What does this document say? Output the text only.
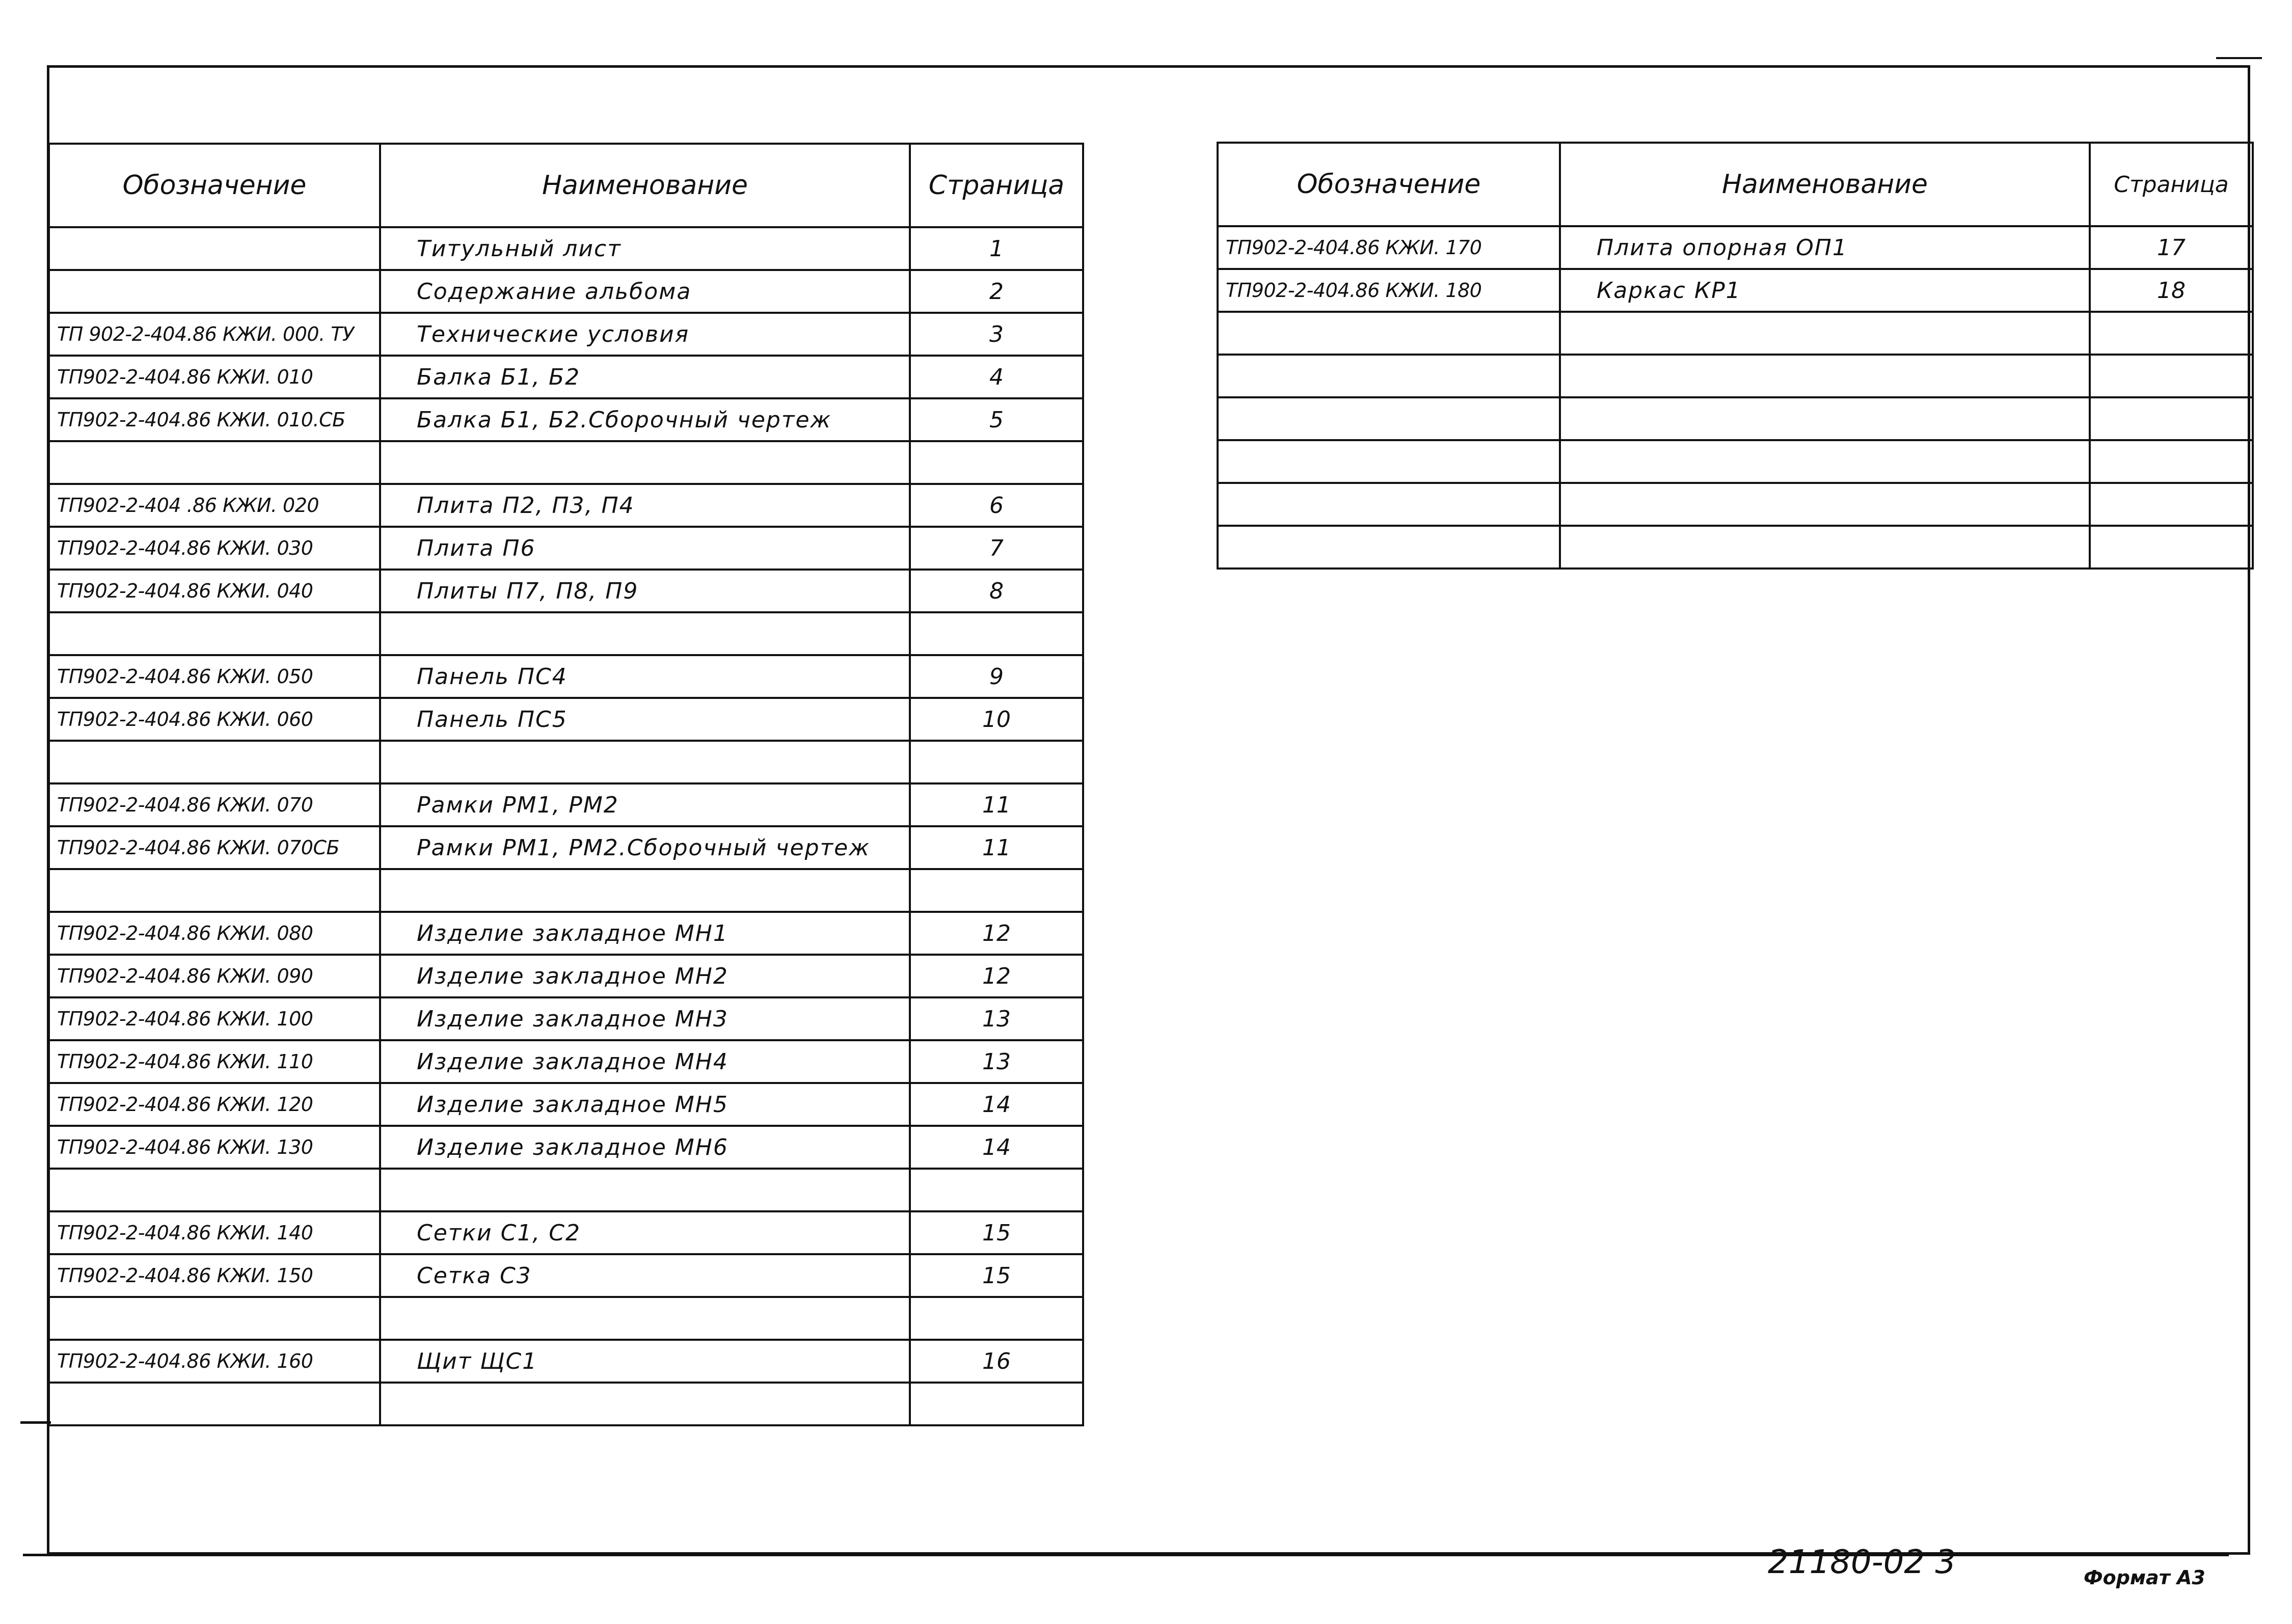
Обозначение	Наименование	Страница
	Титульный лист	1
	Содержание альбома	2
ТП 902-2-404.86 КЖИ. 000. ТУ	Технические условия	3
ТП902-2-404.86 КЖИ. 010	Балка Б1, Б2	4
ТП902-2-404.86 КЖИ. 010.СБ	Балка Б1, Б2.Сборочный чертеж	5

ТП902-2-404 .86 КЖИ. 020	Плита П2, П3, П4	6
ТП902-2-404.86 КЖИ. 030	Плита П6	7
ТП902-2-404.86 КЖИ. 040	Плиты П7, П8, П9	8

ТП902-2-404.86 КЖИ. 050	Панель ПС4	9
ТП902-2-404.86 КЖИ. 060	Панель ПС5	10

ТП902-2-404.86 КЖИ. 070	Рамки РМ1, РМ2	11
ТП902-2-404.86 КЖИ. 070СБ	Рамки РМ1, РМ2.Сборочный чертеж	11

ТП902-2-404.86 КЖИ. 080	Изделие закладное МН1	12
ТП902-2-404.86 КЖИ. 090	Изделие закладное МН2	12
ТП902-2-404.86 КЖИ. 100	Изделие закладное МН3	13
ТП902-2-404.86 КЖИ. 110	Изделие закладное МН4	13
ТП902-2-404.86 КЖИ. 120	Изделие закладное МН5	14
ТП902-2-404.86 КЖИ. 130	Изделие закладное МН6	14

ТП902-2-404.86 КЖИ. 140	Сетки С1, С2	15
ТП902-2-404.86 КЖИ. 150	Сетка С3	15

ТП902-2-404.86 КЖИ. 160	Щит ЩС1	16

Обозначение	Наименование	Страница
ТП902-2-404.86 КЖИ. 170	Плита опорная ОП1	17
ТП902-2-404.86 КЖИ. 180	Каркас КР1	18

21180-02 3	Формат А3
